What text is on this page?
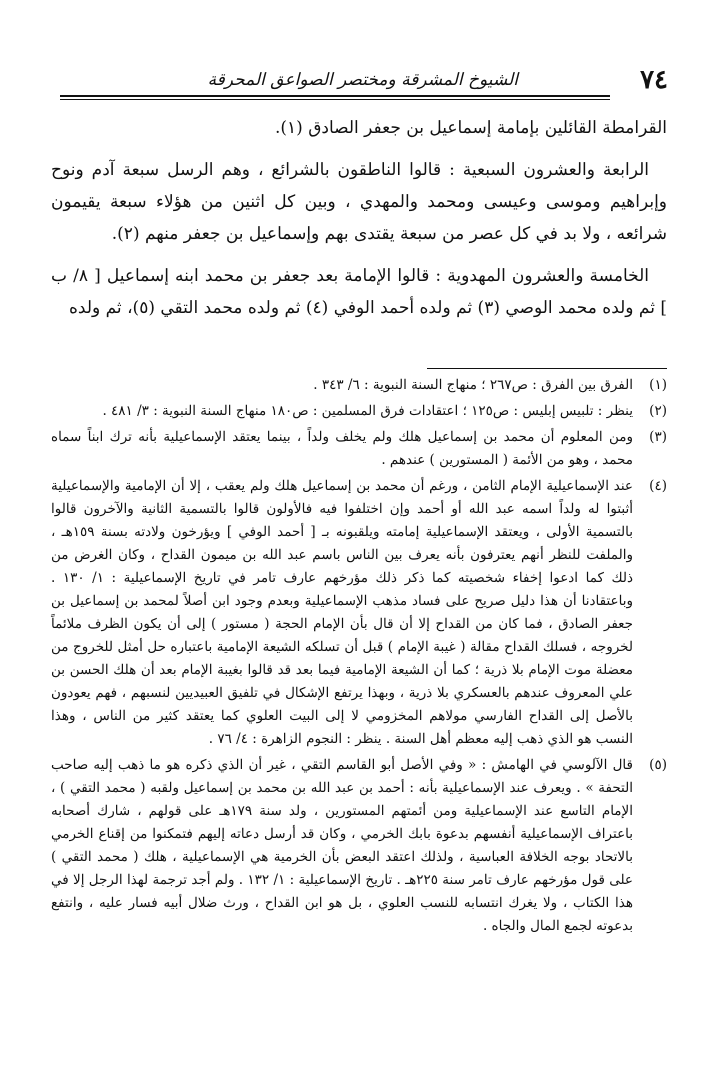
٧٤
الشيوخ المشرقة ومختصر الصواعق المحرقة

القرامطة القائلين بإمامة إسماعيل بن جعفر الصادق (١).

الرابعة والعشرون السبعية : قالوا الناطقون بالشرائع ، وهم الرسل سبعة آدم ونوح وإبراهيم وموسى وعيسى ومحمد والمهدي ، وبين كل اثنين من هؤلاء سبعة يقيمون شرائعه ، ولا بد في كل عصر من سبعة يقتدى بهم وإسماعيل بن جعفر منهم (٢).

الخامسة والعشرون المهدوية : قالوا الإمامة بعد جعفر بن محمد ابنه إسماعيل [ ٨/ ب ] ثم ولده محمد الوصي (٣) ثم ولده أحمد الوفي (٤) ثم ولده محمد التقي (٥)، ثم ولده

(١)
الفرق بين الفرق : ص٢٦٧ ؛ منهاج السنة النبوية : ٦/ ٣٤٣ .
(٢)
ينظر : تلبيس إبليس : ص١٢٥ ؛ اعتقادات فرق المسلمين : ص١٨٠ منهاج السنة النبوية : ٣/ ٤٨١ .
(٣)
ومن المعلوم أن محمد بن إسماعيل هلك ولم يخلف ولداً ، بينما يعتقد الإسماعيلية بأنه ترك ابناً سماه محمد ، وهو من الأئمة ( المستورين ) عندهم .
(٤)
عند الإسماعيلية الإمام الثامن ، ورغم أن محمد بن إسماعيل هلك ولم يعقب ، إلا أن الإمامية والإسماعيلية أثبتوا له ولداً اسمه عبد الله أو أحمد وإن اختلفوا فيه فالأولون قالوا بالتسمية الثانية والآخرون قالوا بالتسمية الأولى ، ويعتقد الإسماعيلية إمامته ويلقبونه بـ [ أحمد الوفي ] ويؤرخون ولادته بسنة ١٥٩هـ ، والملفت للنظر أنهم يعترفون بأنه يعرف بين الناس باسم عبد الله بن ميمون القداح ، وكان الغرض من ذلك كما ادعوا إخفاء شخصيته كما ذكر ذلك مؤرخهم عارف تامر في تاريخ الإسماعيلية : ١/ ١٣٠ . وباعتقادنا أن هذا دليل صريح على فساد مذهب الإسماعيلية وبعدم وجود ابن أصلاً لمحمد بن إسماعيل بن جعفر الصادق ، فما كان من القداح إلا أن قال بأن الإمام الحجة ( مستور ) إلى أن يكون الظرف ملائماً لخروجه ، فسلك القداح مقالة ( غيبة الإمام ) قبل أن تسلكه الشيعة الإمامية باعتباره حل أمثل للخروج من معضلة موت الإمام بلا ذرية ؛ كما أن الشيعة الإمامية فيما بعد قد قالوا بغيبة الإمام بعد أن هلك الحسن بن علي المعروف عندهم بالعسكري بلا ذرية ، وبهذا يرتفع الإشكال في تلفيق العبيديين لنسبهم ، فهم يعودون بالأصل إلى القداح الفارسي مولاهم المخزومي لا إلى البيت العلوي كما يعتقد كثير من الناس ، وهذا النسب هو الذي ذهب إليه معظم أهل السنة . ينظر : النجوم الزاهرة : ٤/ ٧٦ .
(٥)
قال الآلوسي في الهامش : « وفي الأصل أبو القاسم التقي ، غير أن الذي ذكره هو ما ذهب إليه صاحب التحفة » . ويعرف عند الإسماعيلية بأنه : أحمد بن عبد الله بن محمد بن إسماعيل ولقبه ( محمد التقي ) ، الإمام التاسع عند الإسماعيلية ومن أئمتهم المستورين ، ولد سنة ١٧٩هـ على قولهم ، شارك أصحابه باعتراف الإسماعيلية أنفسهم بدعوة بابك الخرمي ، وكان قد أرسل دعاته إليهم فتمكنوا من إقناع الخرمي بالاتحاد بوجه الخلافة العباسية ، ولذلك اعتقد البعض بأن الخرمية هي الإسماعيلية ، هلك ( محمد التقي ) على قول مؤرخهم عارف تامر سنة ٢٢٥هـ . تاريخ الإسماعيلية : ١/ ١٣٢ . ولم أجد ترجمة لهذا الرجل إلا في هذا الكتاب ، ولا يغرك انتسابه للنسب العلوي ، بل هو ابن القداح ، ورث ضلال أبيه فسار عليه ، وانتفع بدعوته لجمع المال والجاه .
